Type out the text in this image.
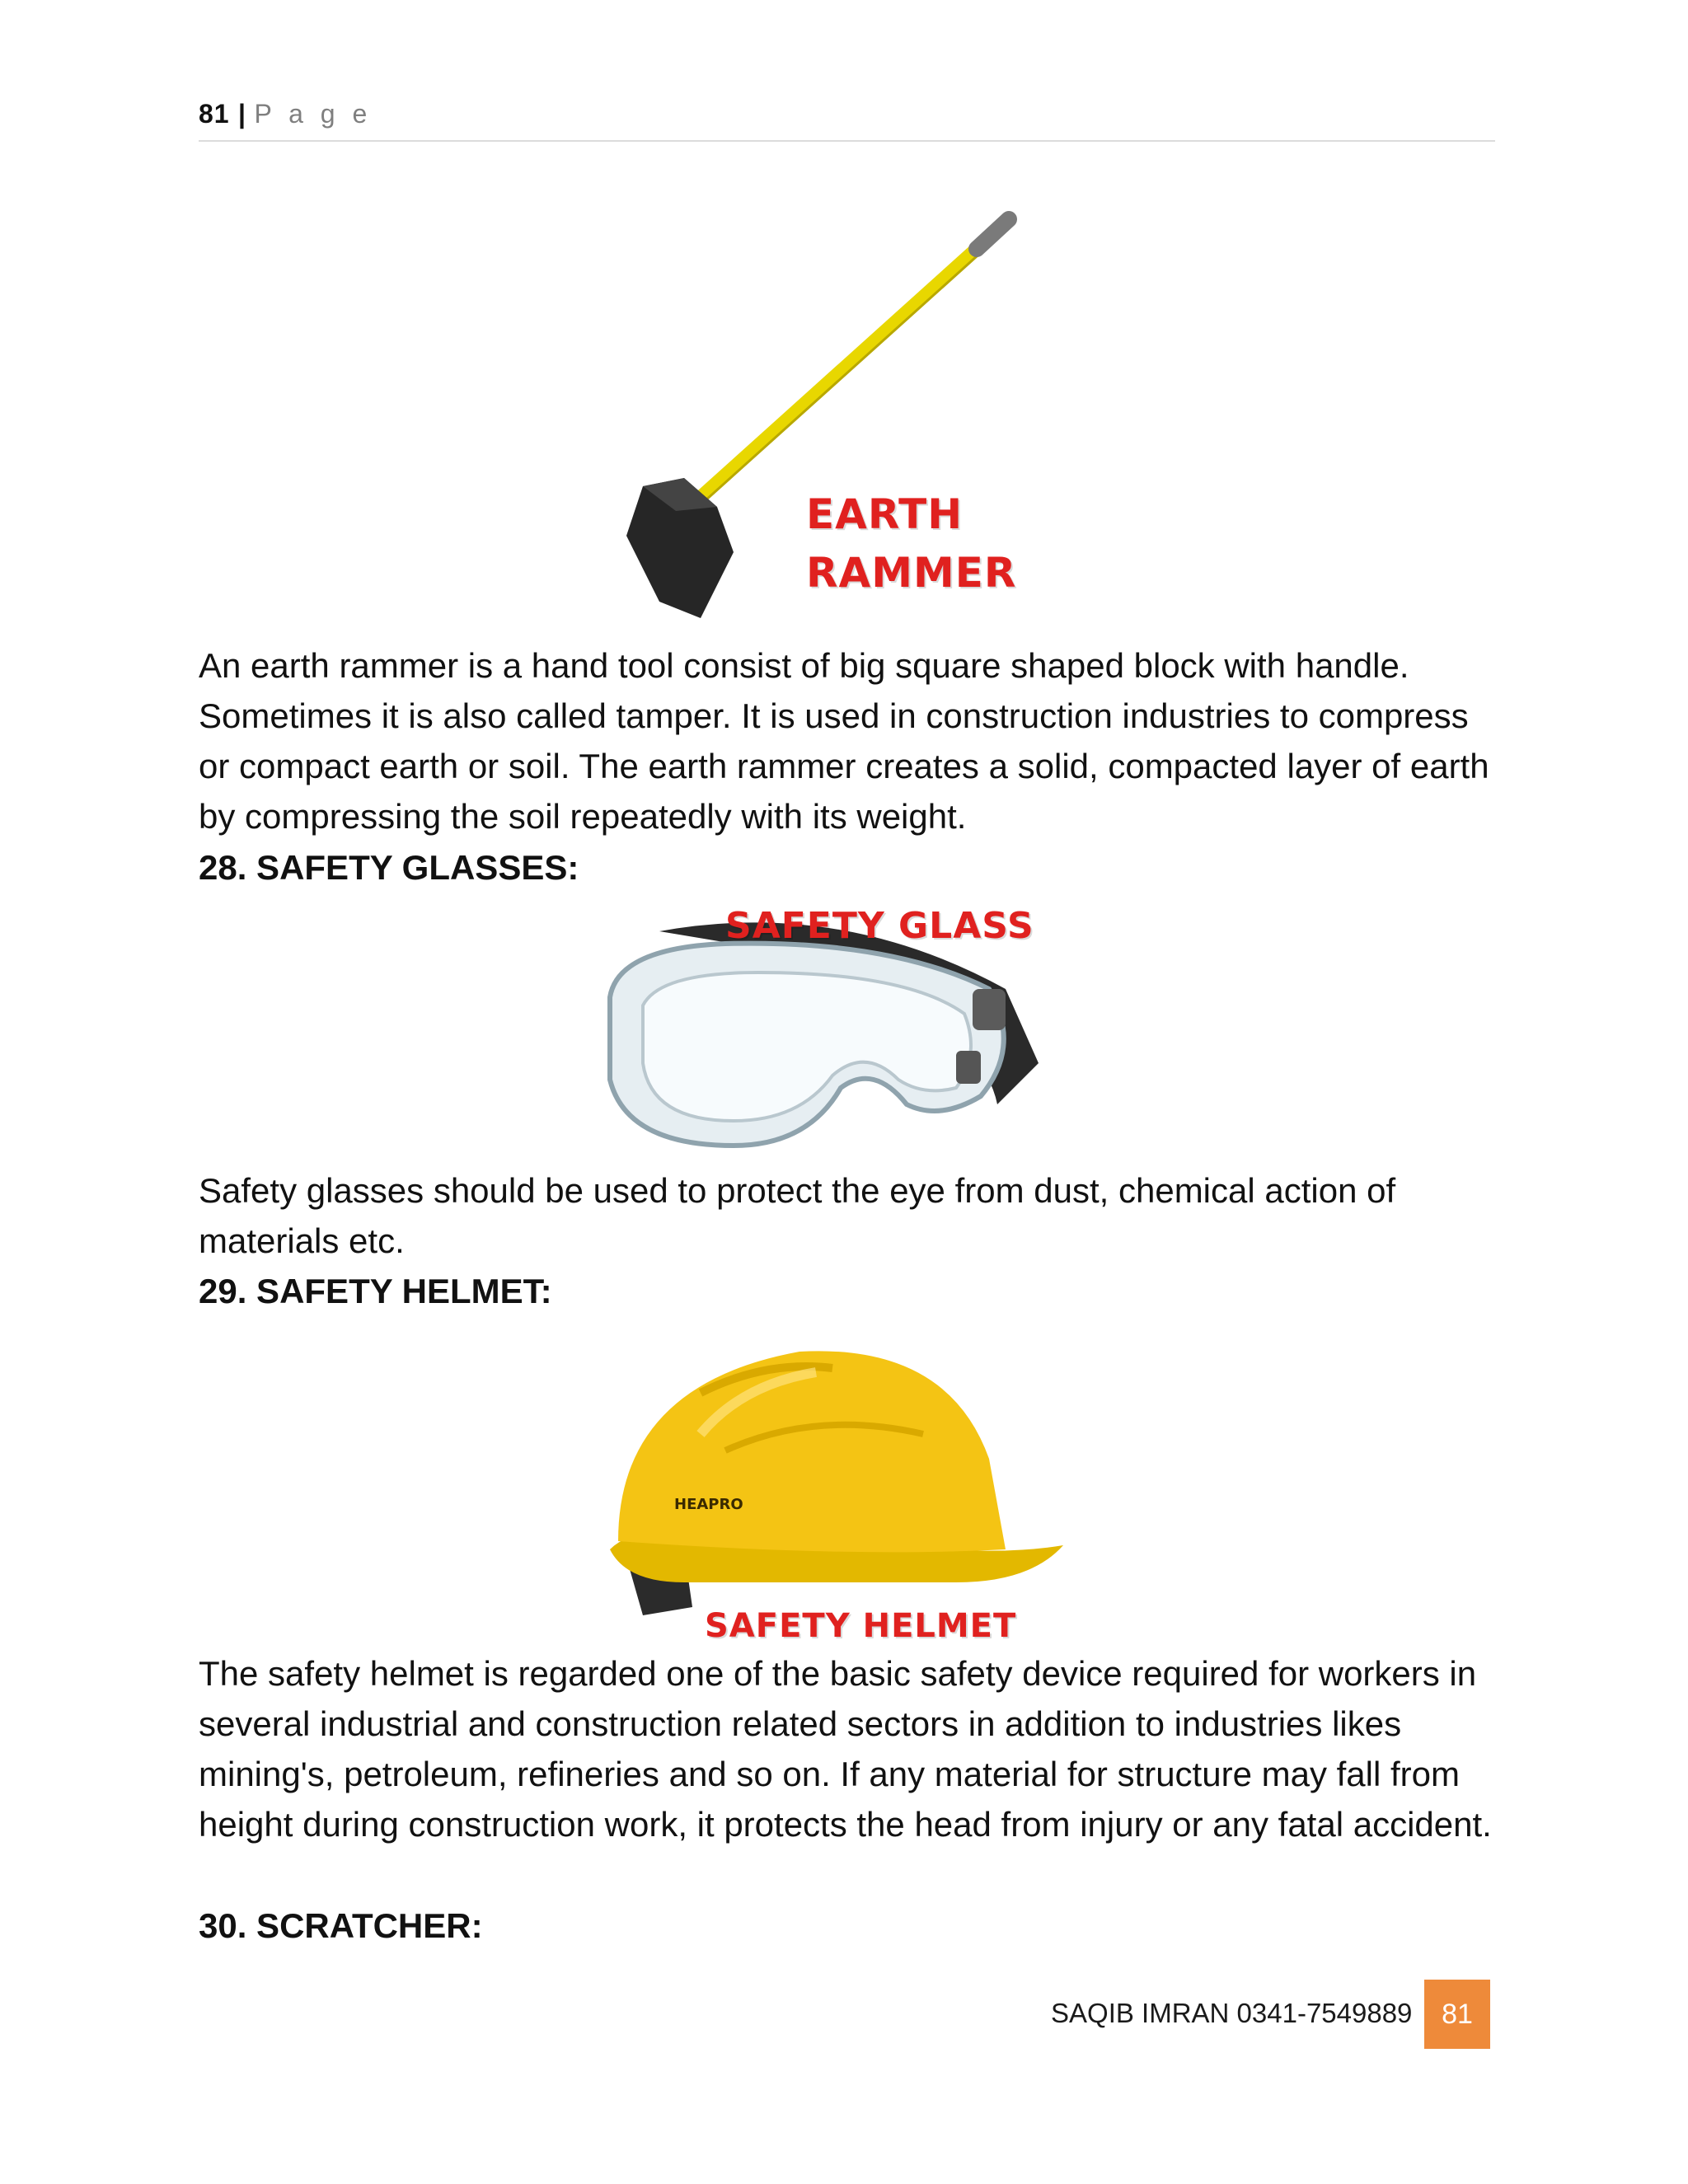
81 | P a g e
EARTH
RAMMER
An earth rammer is a hand tool consist of big square shaped block with handle. Sometimes it is also called tamper. It is used in construction industries to compress or compact earth or soil. The earth rammer creates a solid, compacted layer of earth by compressing the soil repeatedly with its weight.
28. SAFETY GLASSES:
SAFETY GLASS
Safety glasses should be used to protect the eye from dust, chemical action of materials etc.
29. SAFETY HELMET:
HEAPRO
SAFETY HELMET
The safety helmet is regarded one of the basic safety device required for workers in several industrial and construction related sectors in addition to industries likes mining's, petroleum, refineries and so on. If any material for structure may fall from height during construction work, it protects the head from injury or any fatal accident.
30. SCRATCHER:
SAQIB IMRAN 0341-7549889	81
